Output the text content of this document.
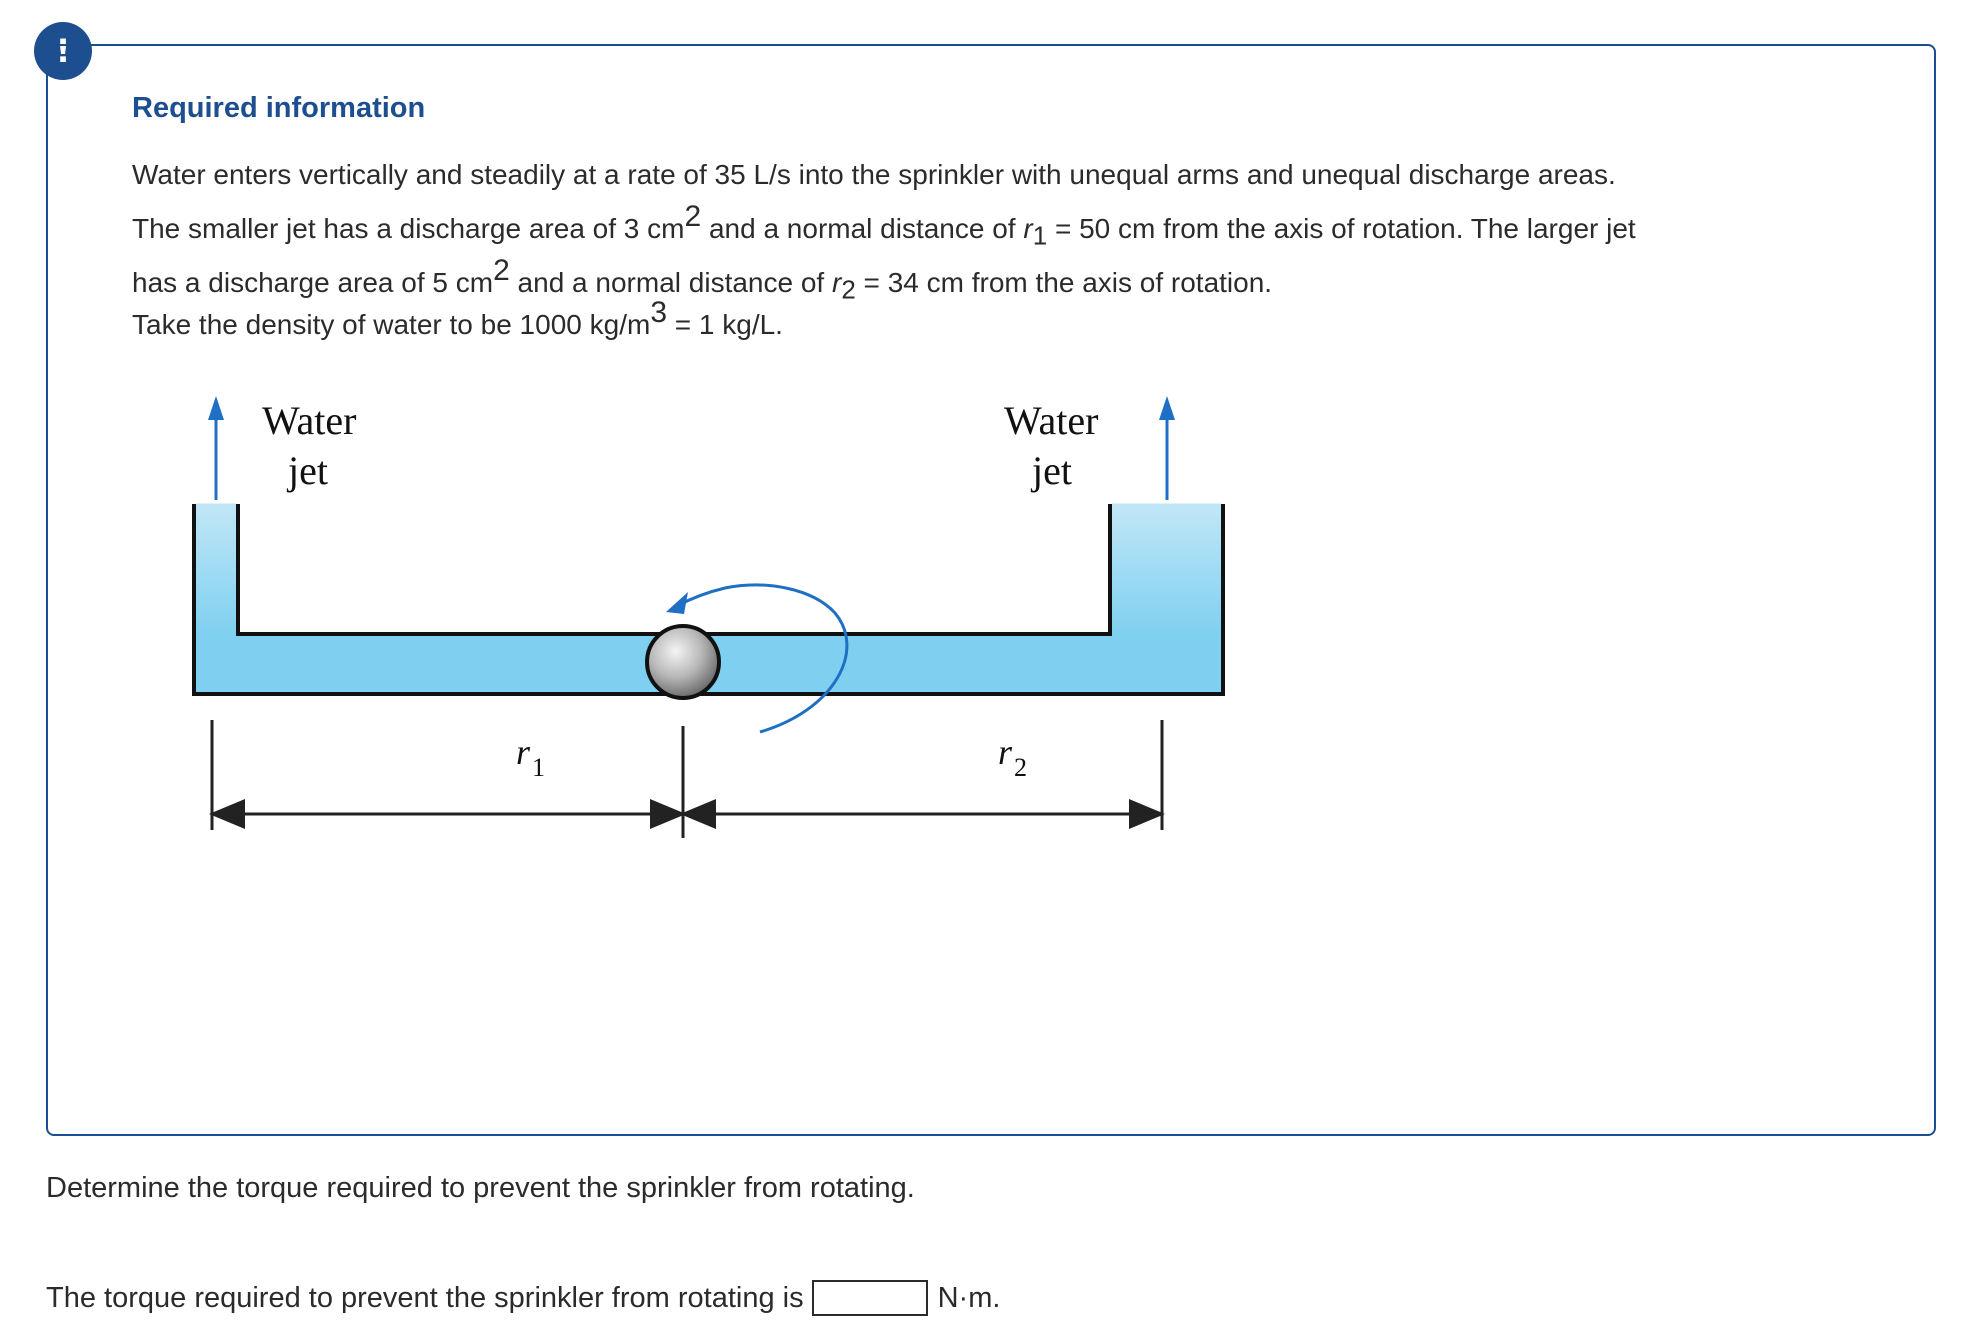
!
Required information
Water enters vertically and steadily at a rate of 35 L/s into the sprinkler with unequal arms and unequal discharge areas.
The smaller jet has a discharge area of 3 $cm^2$ and a normal distance of $r_1 = 50$ cm from the axis of rotation. The larger jet
has a discharge area of 5 $cm^2$ and a normal distance of $r_2 = 34$ cm from the axis of rotation.
Take the density of water to be 1000 $kg/m^3 = 1$ kg/L.
Water
jet
Water
jet
$r_1$	$r_2$

Determine the torque required to prevent the sprinkler from rotating.

The torque required to prevent the sprinkler from rotating is	N·m.
